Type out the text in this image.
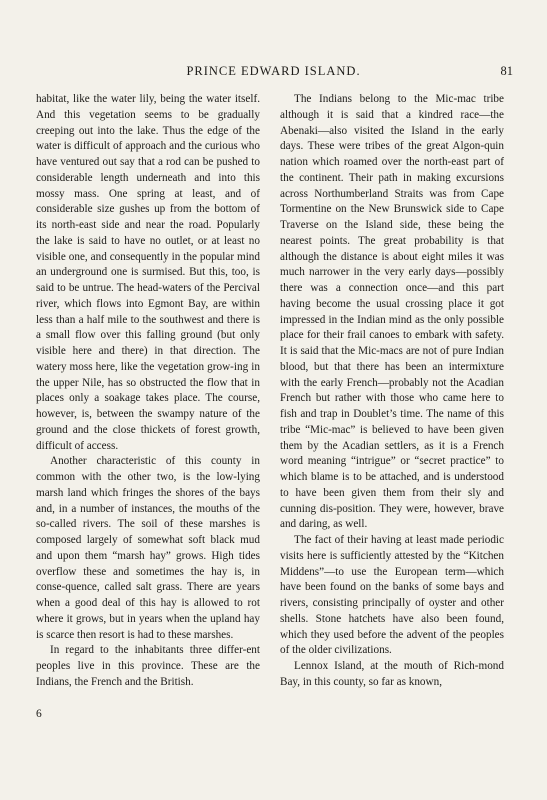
PRINCE EDWARD ISLAND.	81

habitat, like the water lily, being the water itself. And this vegetation seems to be gradually creeping out into the lake. Thus the edge of the water is difficult of approach and the curious who have ventured out say that a rod can be pushed to considerable length underneath and into this mossy mass. One spring at least, and of considerable size gushes up from the bottom of its north-east side and near the road. Popularly the lake is said to have no outlet, or at least no visible one, and consequently in the popular mind an underground one is surmised. But this, too, is said to be untrue. The head-waters of the Percival river, which flows into Egmont Bay, are within less than a half mile to the southwest and there is a small flow over this falling ground (but only visible here and there) in that direction. The watery moss here, like the vegetation grow-ing in the upper Nile, has so obstructed the flow that in places only a soakage takes place. The course, however, is, between the swampy nature of the ground and the close thickets of forest growth, difficult of access.

Another characteristic of this county in common with the other two, is the low-lying marsh land which fringes the shores of the bays and, in a number of instances, the mouths of the so-called rivers. The soil of these marshes is composed largely of somewhat soft black mud and upon them “marsh hay” grows. High tides overflow these and sometimes the hay is, in conse-quence, called salt grass. There are years when a good deal of this hay is allowed to rot where it grows, but in years when the upland hay is scarce then resort is had to these marshes.

In regard to the inhabitants three differ-ent peoples live in this province. These are the Indians, the French and the British.

The Indians belong to the Mic-mac tribe although it is said that a kindred race—the Abenaki—also visited the Island in the early days. These were tribes of the great Algon-quin nation which roamed over the north-east part of the continent. Their path in making excursions across Northumberland Straits was from Cape Tormentine on the New Brunswick side to Cape Traverse on the Island side, these being the nearest points. The great probability is that although the distance is about eight miles it was much narrower in the very early days—possibly there was a connection once—and this part having become the usual crossing place it got impressed in the Indian mind as the only possible place for their frail canoes to embark with safety. It is said that the Mic-macs are not of pure Indian blood, but that there has been an intermixture with the early French—probably not the Acadian French but rather with those who came here to fish and trap in Doublet’s time. The name of this tribe “Mic-mac” is believed to have been given them by the Acadian settlers, as it is a French word meaning “intrigue” or “secret practice” to which blame is to be attached, and is understood to have been given them from their sly and cunning dis-position. They were, however, brave and daring, as well.

The fact of their having at least made periodic visits here is sufficiently attested by the “Kitchen Middens”—to use the European term—which have been found on the banks of some bays and rivers, consisting principally of oyster and other shells. Stone hatchets have also been found, which they used before the advent of the peoples of the older civilizations.

Lennox Island, at the mouth of Rich-mond Bay, in this county, so far as known,

6
